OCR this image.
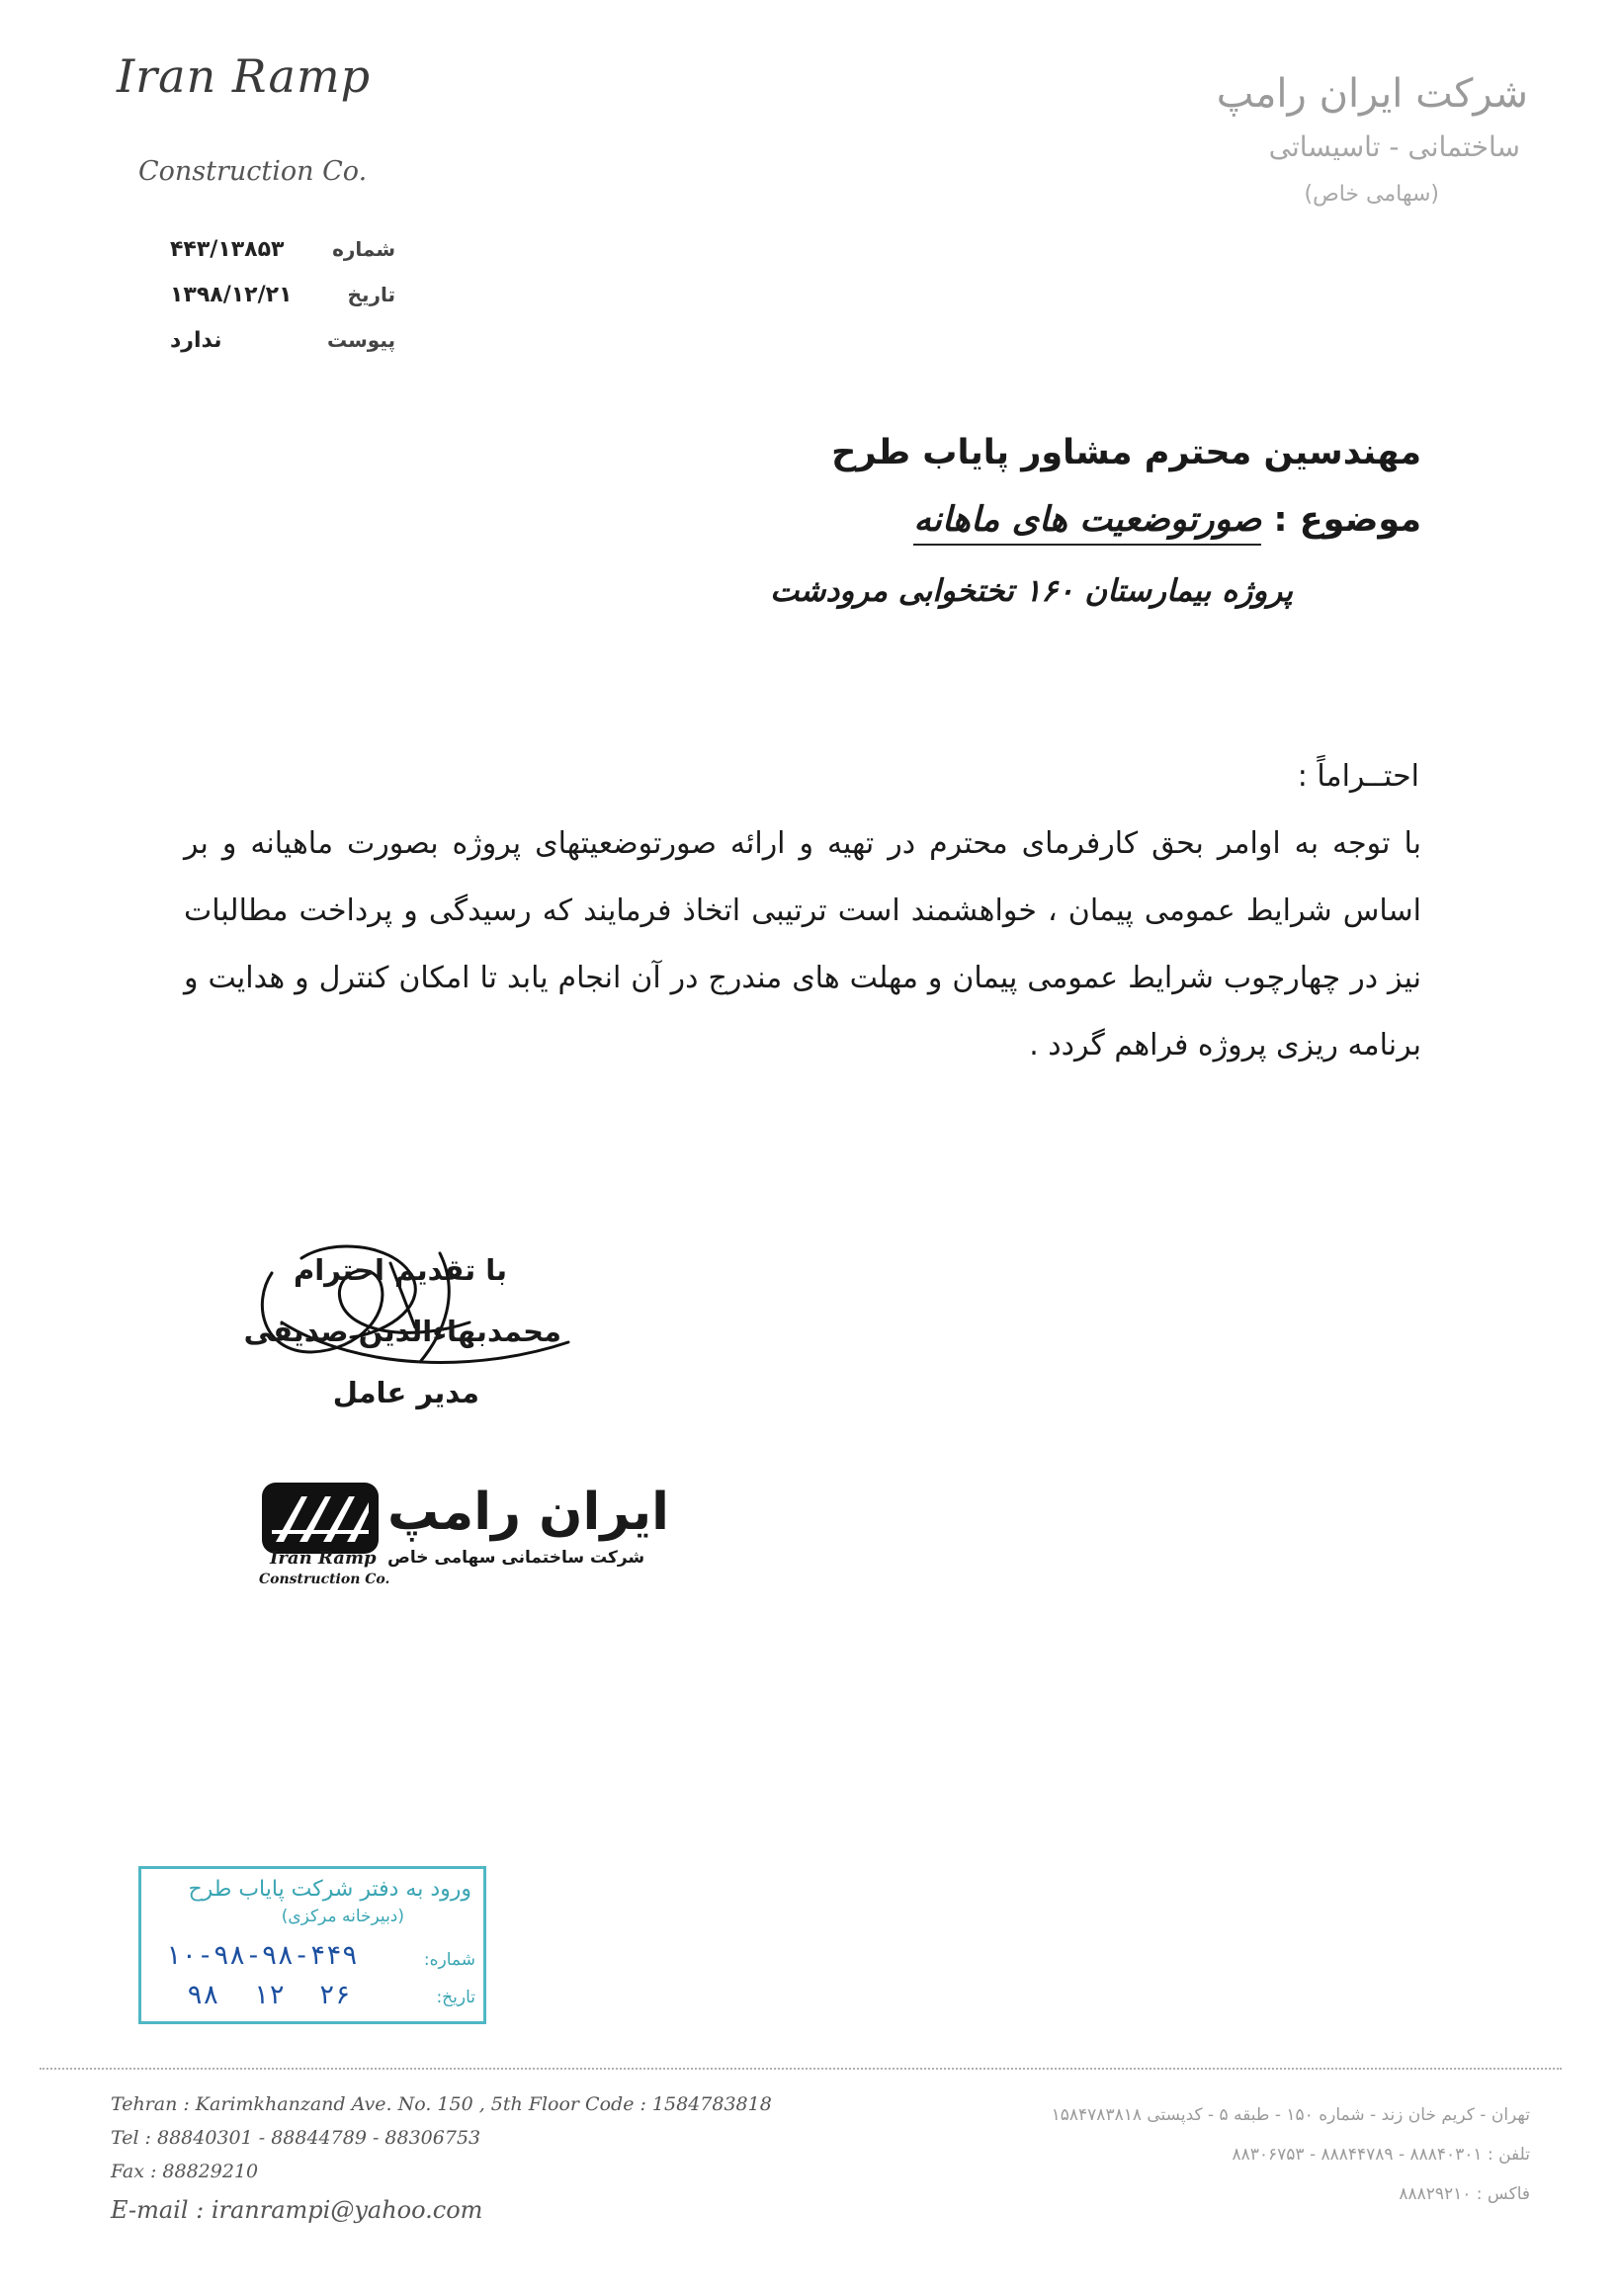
Iran Ramp
Construction Co.
شرکت ایران رامپ
ساختمانی - تاسیساتی
(سهامی خاص)
شماره
۴۴۳/۱۳۸۵۳
تاریخ
۱۳۹۸/۱۲/۲۱
پیوست
ندارد
مهندسین محترم مشاور پایاب طرح
موضوع : صورتوضعیت های ماهانه
پروژه بیمارستان ۱۶۰ تختخوابی مرودشت
احتــراماً :
با توجه به اوامر بحق کارفرمای محترم در تهیه و ارائه صورتوضعیتهای پروژه بصورت ماهیانه و بر اساس شرایط عمومی پیمان ، خواهشمند است ترتیبی اتخاذ فرمایند که رسیدگی و پرداخت مطالبات نیز در چهارچوب شرایط عمومی پیمان و مهلت های مندرج در آن انجام یابد تا امکان کنترل و هدایت و برنامه ریزی پروژه فراهم گردد .
با تقدیم احترام
محمدبهاءالدین صدیقی
مدیر عامل
ایران رامپ
شرکت ساختمانی سهامی خاص
Iran Ramp
Construction Co.
ورود به دفتر شرکت پایاب طرح
(دبیرخانه مرکزی)
شماره:
۱۰-۹۸-۹۸-۴۴۹
تاریخ:
۹۸ ۱۲ ۲۶
Tehran : Karimkhanzand Ave. No. 150 , 5th Floor Code : 1584783818
Tel : 88840301 - 88844789 - 88306753
Fax : 88829210
E-mail : iranrampi@yahoo.com
تهران - کریم خان زند - شماره ۱۵۰ - طبقه ۵ - کدپستی ۱۵۸۴۷۸۳۸۱۸
تلفن : ۸۸۸۴۰۳۰۱ - ۸۸۸۴۴۷۸۹ - ۸۸۳۰۶۷۵۳
فاکس : ۸۸۸۲۹۲۱۰
